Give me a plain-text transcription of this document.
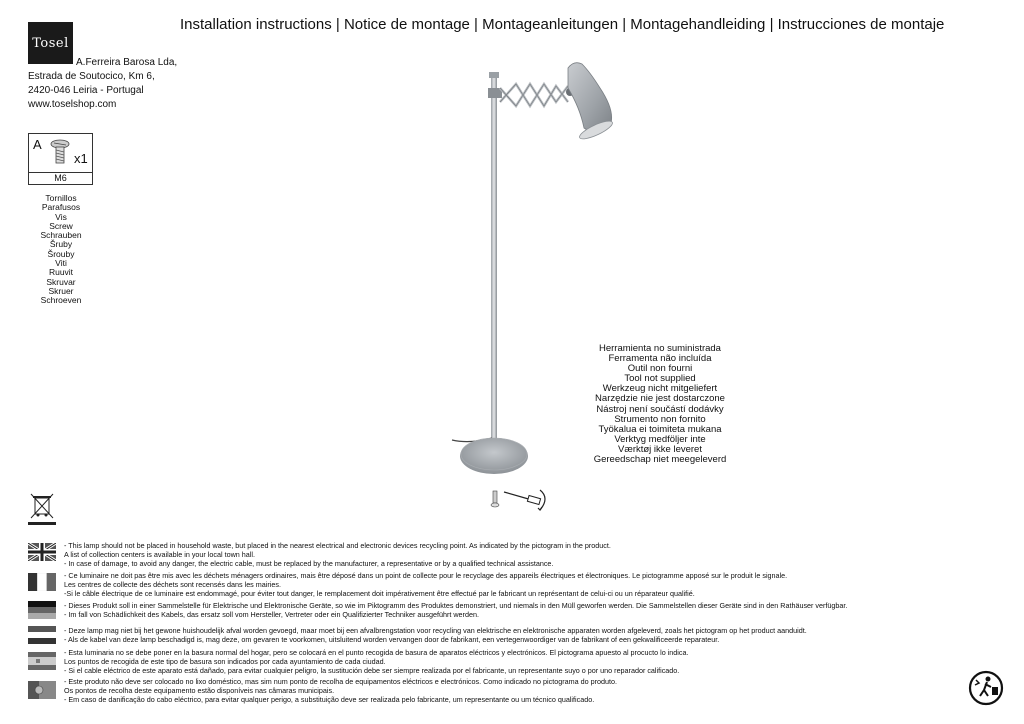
Tosel
Installation instructions | Notice de montage | Montageanleitungen | Montagehandleiding | Instrucciones de montaje
A.Ferreira Barosa Lda,
Estrada de Soutocico, Km 6,
2420-046 Leiria - Portugal
www.toselshop.com
A
x1
M6
Tornillos
Parafusos
Vis
Screw
Schrauben
Šruby
Šrouby
Viti
Ruuvit
Skruvar
Skruer
Schroeven
Herramienta no suministrada
Ferramenta não incluída
Outil non fourni
Tool not supplied
Werkzeug nicht mitgeliefert
Narzędzie nie jest dostarczone
Nástroj není součástí dodávky
Strumento non fornito
Työkalua ei toimiteta mukana
Verktyg medföljer inte
Værktøj ikke leveret
Gereedschap niet meegeleverd
- This lamp should not be placed in household waste, but placed in the nearest electrical and electronic devices recycling point. As indicated by the pictogram in the product.
A list of collection centers is available in your local town hall.
- In case of damage, to avoid any danger, the electric cable, must be replaced by the manufacturer, a representative or by a qualified technical assistance.
- Ce luminaire ne doit pas être mis avec les déchets ménagers ordinaires, mais être déposé dans un point de collecte pour le recyclage des appareils électriques et électroniques. Le pictogramme apposé sur le produit le signale.
Les centres de collecte des déchets sont recensés dans les mairies.
-Si le câble électrique de ce luminaire est endommagé, pour éviter tout danger, le remplacement doit impérativement être effectué par le fabricant un représentant de celui-ci ou un réparateur qualifié.
- Dieses Produkt soll in einer Sammelstelle für Elektrische und Elektronische Geräte, so wie im Piktogramm des Produktes demonstriert, und niemals in den Müll geworfen werden. Die Sammelstellen dieser Geräte sind in den Rathäuser verfügbar.
- Im fall von Schädlichkeit des Kabels, das ersatz soll vom Hersteller, Vertreter oder ein Qualifizierter Techniker ausgeführt werden.
- Deze lamp mag niet bij het gewone huishoudelijk afval worden gevoegd, maar moet bij een afvalbrengstation voor recycling van elektrische en elektronische apparaten worden afgeleverd, zoals het pictogram op het product aanduidt.
- Als de kabel van deze lamp beschadigd is, mag deze, om gevaren te voorkomen, uitsluitend worden vervangen door de fabrikant, een vertegenwoordiger van de fabrikant of een gekwalificeerde reparateur.
- Esta luminaria no se debe poner en la basura normal del hogar, pero se colocará en el punto recogida de basura de aparatos eléctricos y electrónicos. El pictograma apuesto al procucto lo indica.
Los puntos de recogida de este tipo de basura son indicados por cada ayuntamiento de cada ciudad.
- Si el cable eléctrico de este aparato está dañado, para evitar cualquier peligro, la sustitución debe ser siempre realizada por el fabricante, un representante suyo o por uno reparador calificado.
- Este produto não deve ser colocado no lixo doméstico, mas sim num ponto de recolha de equipamentos eléctricos e electrónicos. Como indicado no pictograma do produto.
Os pontos de recolha deste equipamento estão disponíveis nas câmaras municipais.
- Em caso de danificação do cabo eléctrico, para evitar qualquer perigo, a substituição deve ser realizada pelo fabricante, um representante ou um técnico qualificado.
